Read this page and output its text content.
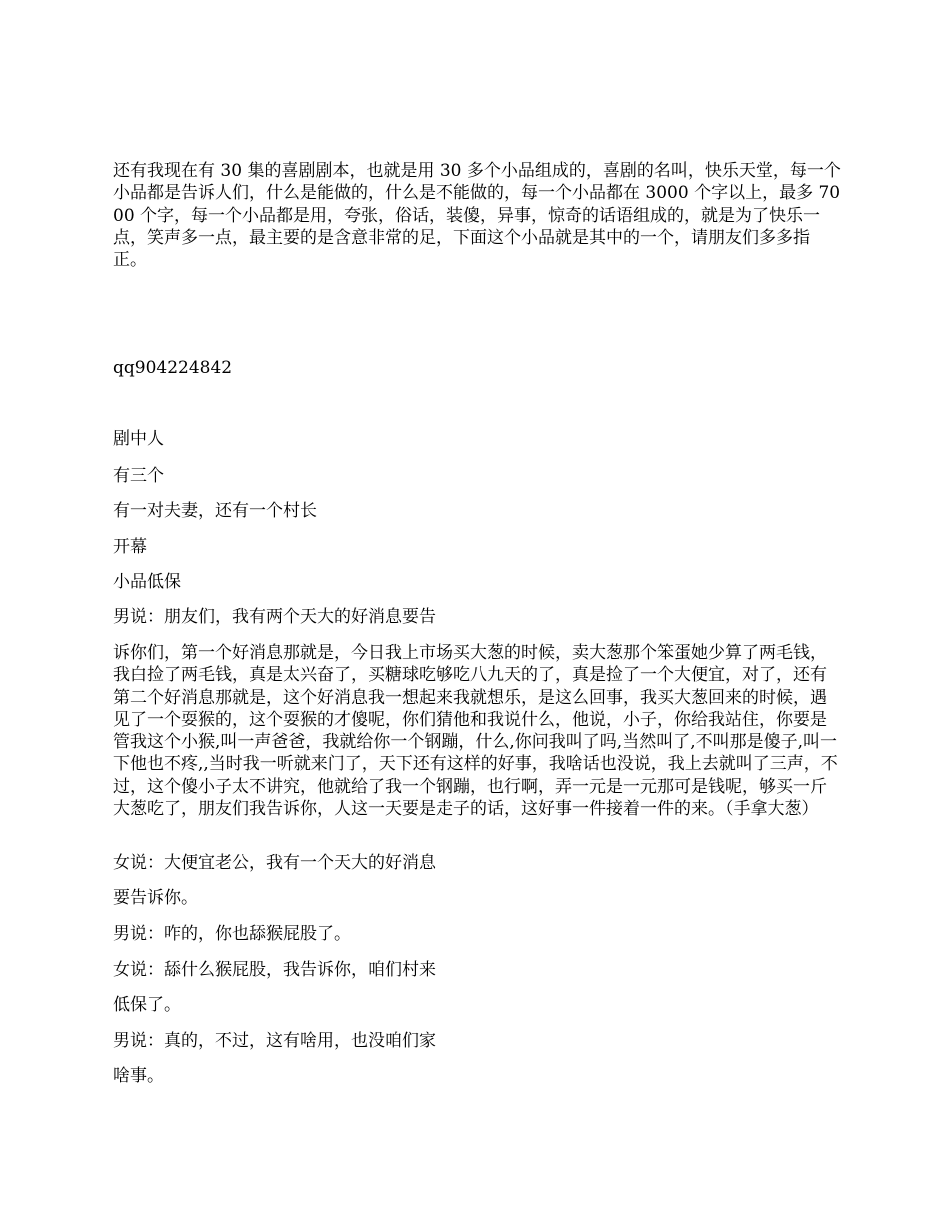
还有我现在有 30 集的喜剧剧本，也就是用 30 多个小品组成的，喜剧的名叫，快乐天堂，每一个小品都是告诉人们，什么是能做的，什么是不能做的，每一个小品都在 3000 个字以上，最多 7000 个字，每一个小品都是用，夸张，俗话，装傻，异事，惊奇的话语组成的，就是为了快乐一点，笑声多一点，最主要的是含意非常的足，下面这个小品就是其中的一个，请朋友们多多指正。

qq904224842

剧中人

有三个

有一对夫妻，还有一个村长

开幕

小品低保

男说：朋友们，我有两个天大的好消息要告

诉你们，第一个好消息那就是，今日我上市场买大葱的时候，卖大葱那个笨蛋她少算了两毛钱，我白捡了两毛钱，真是太兴奋了，买糖球吃够吃八九天的了，真是捡了一个大便宜，对了，还有第二个好消息那就是，这个好消息我一想起来我就想乐，是这么回事，我买大葱回来的时候，遇见了一个耍猴的，这个耍猴的才傻呢，你们猜他和我说什么，他说，小子，你给我站住，你要是管我这个小猴,叫一声爸爸，我就给你一个钢蹦，什么,你问我叫了吗,当然叫了,不叫那是傻子,叫一下他也不疼,,当时我一听就来门了，天下还有这样的好事，我啥话也没说，我上去就叫了三声，不过，这个傻小子太不讲究，他就给了我一个钢蹦，也行啊，弄一元是一元那可是钱呢，够买一斤大葱吃了，朋友们我告诉你，人这一天要是走子的话，这好事一件接着一件的来。（手拿大葱）

女说：大便宜老公，我有一个天大的好消息

要告诉你。

男说：咋的，你也舔猴屁股了。

女说：舔什么猴屁股，我告诉你，咱们村来

低保了。

男说：真的，不过，这有啥用，也没咱们家

啥事。
